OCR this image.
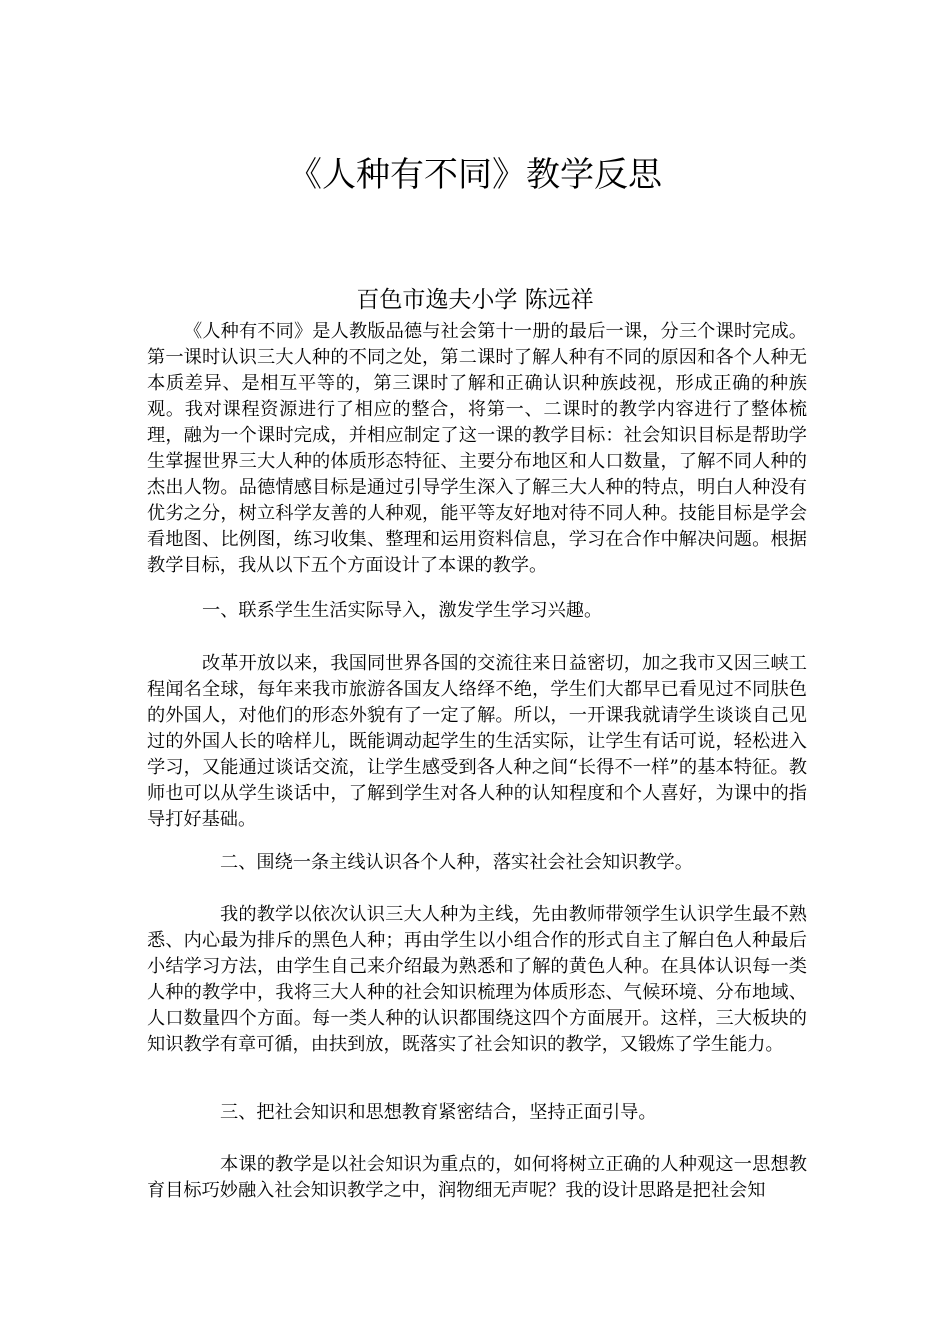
《人种有不同》教学反思

百色市逸夫小学 陈远祥

《人种有不同》是人教版品德与社会第十一册的最后一课，分三个课时完成。第一课时认识三大人种的不同之处，第二课时了解人种有不同的原因和各个人种无本质差异、是相互平等的，第三课时了解和正确认识种族歧视，形成正确的种族观。我对课程资源进行了相应的整合，将第一、二课时的教学内容进行了整体梳理，融为一个课时完成，并相应制定了这一课的教学目标：社会知识目标是帮助学生掌握世界三大人种的体质形态特征、主要分布地区和人口数量，了解不同人种的杰出人物。品德情感目标是通过引导学生深入了解三大人种的特点，明白人种没有优劣之分，树立科学友善的人种观，能平等友好地对待不同人种。技能目标是学会看地图、比例图，练习收集、整理和运用资料信息，学习在合作中解决问题。根据教学目标，我从以下五个方面设计了本课的教学。

一、联系学生生活实际导入，激发学生学习兴趣。

改革开放以来，我国同世界各国的交流往来日益密切，加之我市又因三峡工程闻名全球，每年来我市旅游各国友人络绎不绝，学生们大都早已看见过不同肤色的外国人，对他们的形态外貌有了一定了解。所以，一开课我就请学生谈谈自己见过的外国人长的啥样儿，既能调动起学生的生活实际，让学生有话可说，轻松进入学习，又能通过谈话交流，让学生感受到各人种之间“长得不一样”的基本特征。教师也可以从学生谈话中，了解到学生对各人种的认知程度和个人喜好，为课中的指导打好基础。

二、围绕一条主线认识各个人种，落实社会社会知识教学。

我的教学以依次认识三大人种为主线，先由教师带领学生认识学生最不熟悉、内心最为排斥的黑色人种；再由学生以小组合作的形式自主了解白色人种最后小结学习方法，由学生自己来介绍最为熟悉和了解的黄色人种。在具体认识每一类人种的教学中，我将三大人种的社会知识梳理为体质形态、气候环境、分布地域、人口数量四个方面。每一类人种的认识都围绕这四个方面展开。这样，三大板块的知识教学有章可循，由扶到放，既落实了社会知识的教学，又锻炼了学生能力。

三、把社会知识和思想教育紧密结合，坚持正面引导。

本课的教学是以社会知识为重点的，如何将树立正确的人种观这一思想教育目标巧妙融入社会知识教学之中，润物细无声呢？我的设计思路是把社会知
